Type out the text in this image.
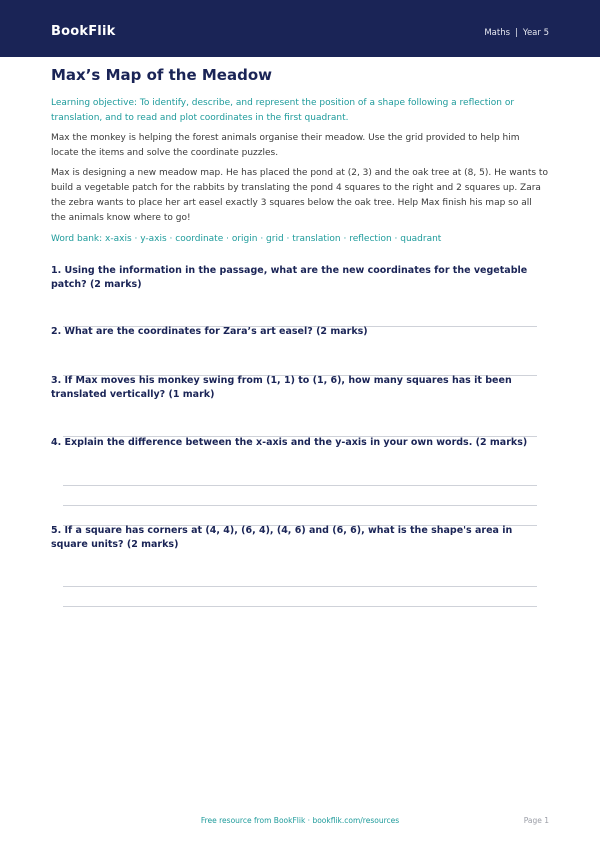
BookFlik	Maths | Year 5
Max’s Map of the Meadow

Learning objective: To identify, describe, and represent the position of a shape following a reflection or translation, and to read and plot coordinates in the first quadrant.

Max the monkey is helping the forest animals organise their meadow. Use the grid provided to help him locate the items and solve the coordinate puzzles.

Max is designing a new meadow map. He has placed the pond at (2, 3) and the oak tree at (8, 5). He wants to build a vegetable patch for the rabbits by translating the pond 4 squares to the right and 2 squares up. Zara the zebra wants to place her art easel exactly 3 squares below the oak tree. Help Max finish his map so all the animals know where to go!

Word bank: x-axis · y-axis · coordinate · origin · grid · translation · reflection · quadrant

1. Using the information in the passage, what are the new coordinates for the vegetable patch? (2 marks)

2. What are the coordinates for Zara’s art easel? (2 marks)

3. If Max moves his monkey swing from (1, 1) to (1, 6), how many squares has it been translated vertically? (1 mark)

4. Explain the difference between the x-axis and the y-axis in your own words. (2 marks)

5. If a square has corners at (4, 4), (6, 4), (4, 6) and (6, 6), what is the shape's area in square units? (2 marks)

Free resource from BookFlik · bookflik.com/resources	Page 1
